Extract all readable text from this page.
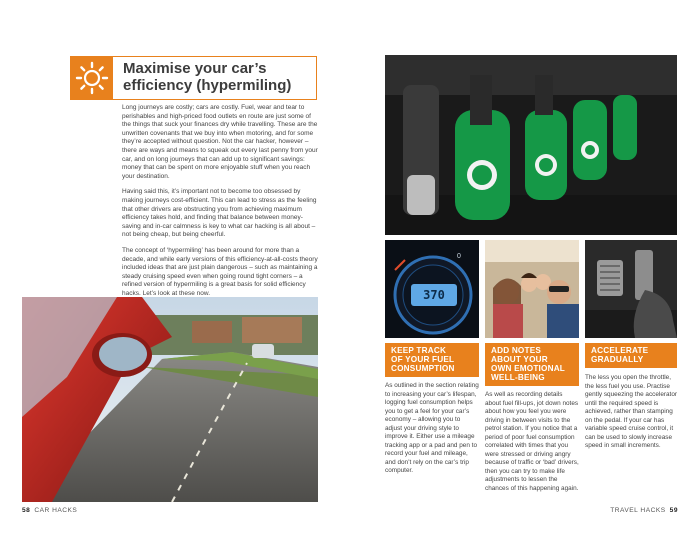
Maximise your car’s
efficiency (hypermiling)

Long journeys are costly; cars are costly. Fuel, wear and tear to perishables and high-priced food outlets en route are just some of the things that suck your finances dry while travelling. These are the unwritten covenants that we buy into when motoring, and for some they’re accepted without question. Not the car hacker, however – there are ways and means to squeak out every last penny from your car, and on long journeys that can add up to significant savings: money that can be spent on more enjoyable stuff when you reach your destination.

Having said this, it’s important not to become too obsessed by making journeys cost-efficient. This can lead to stress as the feeling that other drivers are obstructing you from achieving maximum efficiency takes hold, and finding that balance between money-saving and in-car calmness is key to what car hacking is all about – not being cheap, but being cheerful.

The concept of ‘hypermiling’ has been around for more than a decade, and while early versions of this efficiency-at-all-costs theory included ideas that are just plain dangerous – such as maintaining a steady cruising speed even when going round tight corners – a refined version of hypermiling is a great basis for solid efficiency hacks. Let’s look at these now.

58 CAR HACKS
0
370
KEEP TRACK
OF YOUR FUEL
CONSUMPTION
As outlined in the section relating to increasing your car’s lifespan, logging fuel consumption helps you to get a feel for your car’s economy – allowing you to adjust your driving style to improve it. Either use a mileage tracking app or a pad and pen to record your fuel and mileage, and don’t rely on the car’s trip computer.
ADD NOTES
ABOUT YOUR
OWN EMOTIONAL
WELL-BEING
As well as recording details about fuel fill-ups, jot down notes about how you feel you were driving in between visits to the petrol station. If you notice that a period of poor fuel consumption correlated with times that you were stressed or driving angry because of traffic or ‘bad’ drivers, then you can try to make life adjustments to lessen the chances of this happening again.
ACCELERATE
GRADUALLY
The less you open the throttle, the less fuel you use. Practise gently squeezing the accelerator until the required speed is achieved, rather than stamping on the pedal. If your car has variable speed cruise control, it can be used to slowly increase speed in small increments.
TRAVEL HACKS 59
